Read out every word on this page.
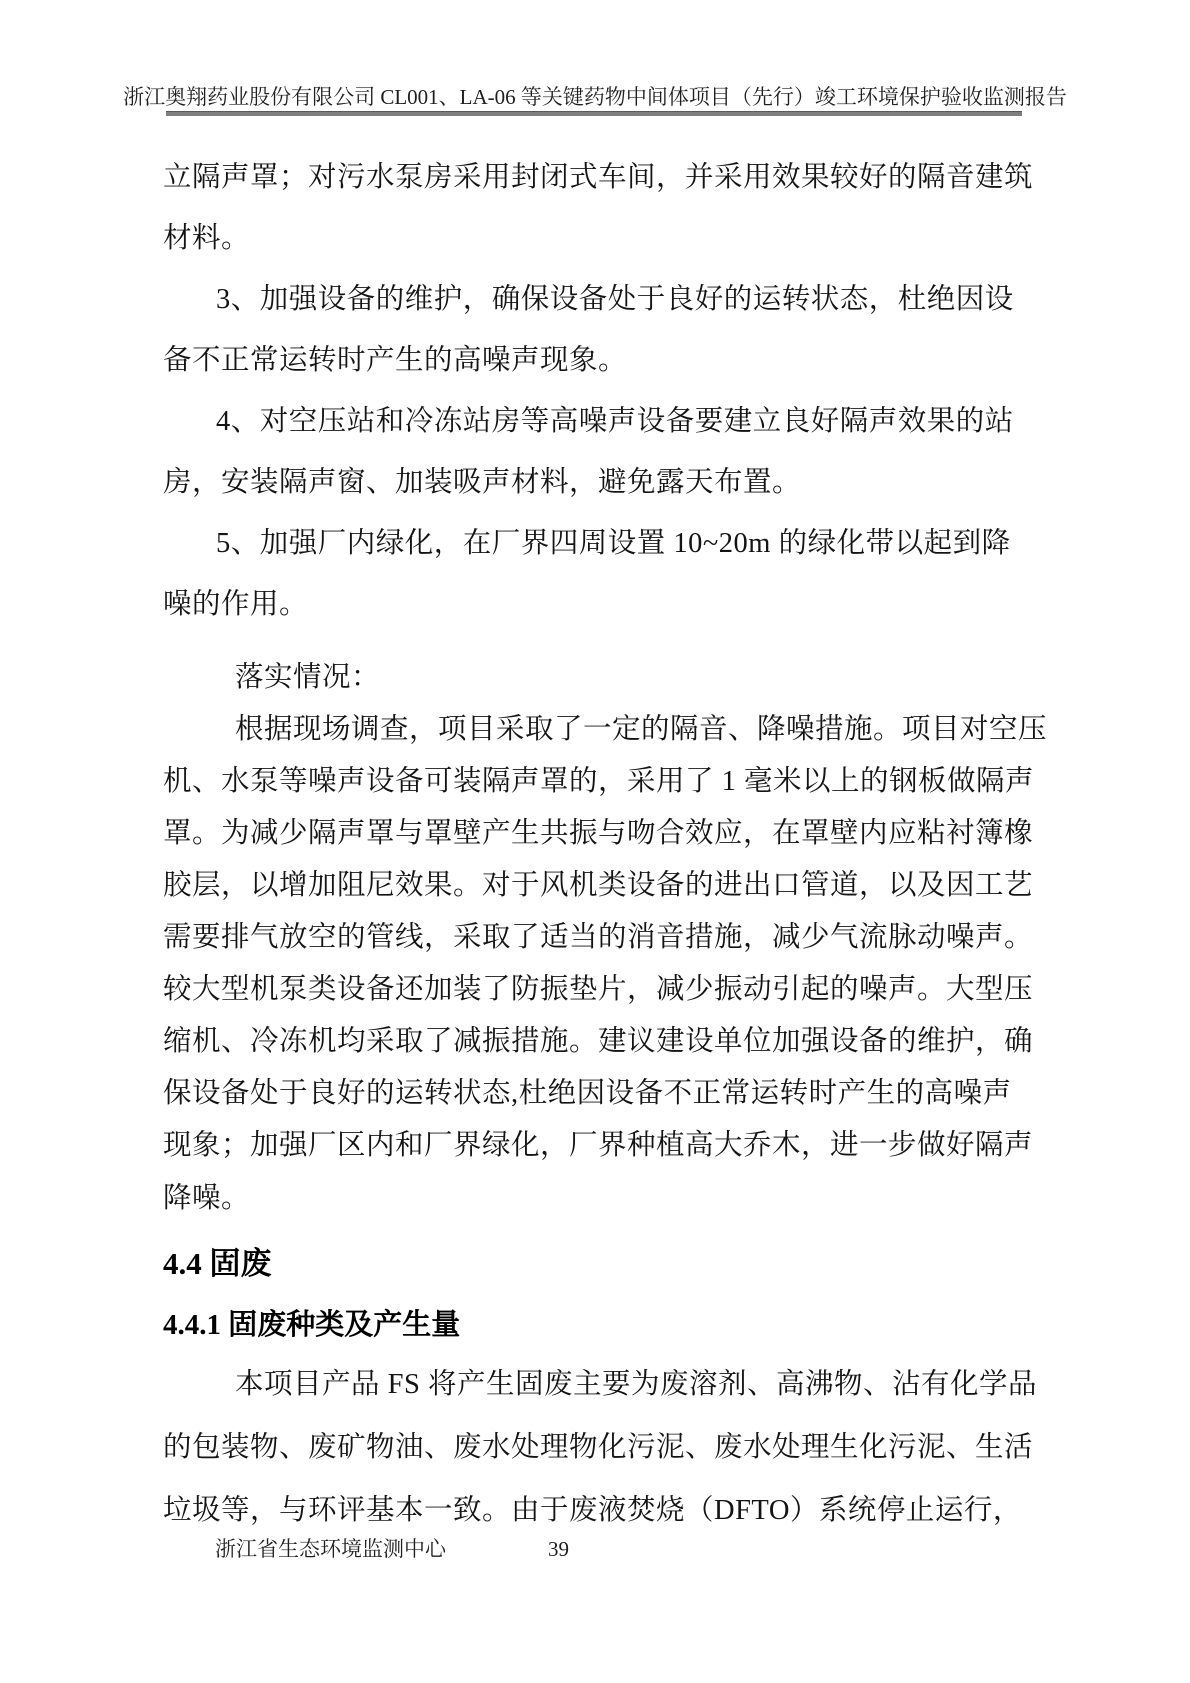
浙江奥翔药业股份有限公司 CL001、LA-06 等关键药物中间体项目（先行）竣工环境保护验收监测报告
立隔声罩；对污水泵房采用封闭式车间，并采用效果较好的隔音建筑
材料。
3、加强设备的维护，确保设备处于良好的运转状态，杜绝因设
备不正常运转时产生的高噪声现象。
4、对空压站和冷冻站房等高噪声设备要建立良好隔声效果的站
房，安装隔声窗、加装吸声材料，避免露天布置。
5、加强厂内绿化，在厂界四周设置 10~20m 的绿化带以起到降
噪的作用。
落实情况：
根据现场调查，项目采取了一定的隔音、降噪措施。项目对空压
机、水泵等噪声设备可装隔声罩的，采用了 1 毫米以上的钢板做隔声
罩。为减少隔声罩与罩壁产生共振与吻合效应，在罩壁内应粘衬簿橡
胶层，以增加阻尼效果。对于风机类设备的进出口管道，以及因工艺
需要排气放空的管线，采取了适当的消音措施，减少气流脉动噪声。
较大型机泵类设备还加装了防振垫片，减少振动引起的噪声。大型压
缩机、冷冻机均采取了减振措施。建议建设单位加强设备的维护，确
保设备处于良好的运转状态,杜绝因设备不正常运转时产生的高噪声
现象；加强厂区内和厂界绿化，厂界种植高大乔木，进一步做好隔声
降噪。
4.4 固废
4.4.1 固废种类及产生量
本项目产品 FS 将产生固废主要为废溶剂、高沸物、沾有化学品
的包装物、废矿物油、废水处理物化污泥、废水处理生化污泥、生活
垃圾等，与环评基本一致。由于废液焚烧（DFTO）系统停止运行，
浙江省生态环境监测中心	39
